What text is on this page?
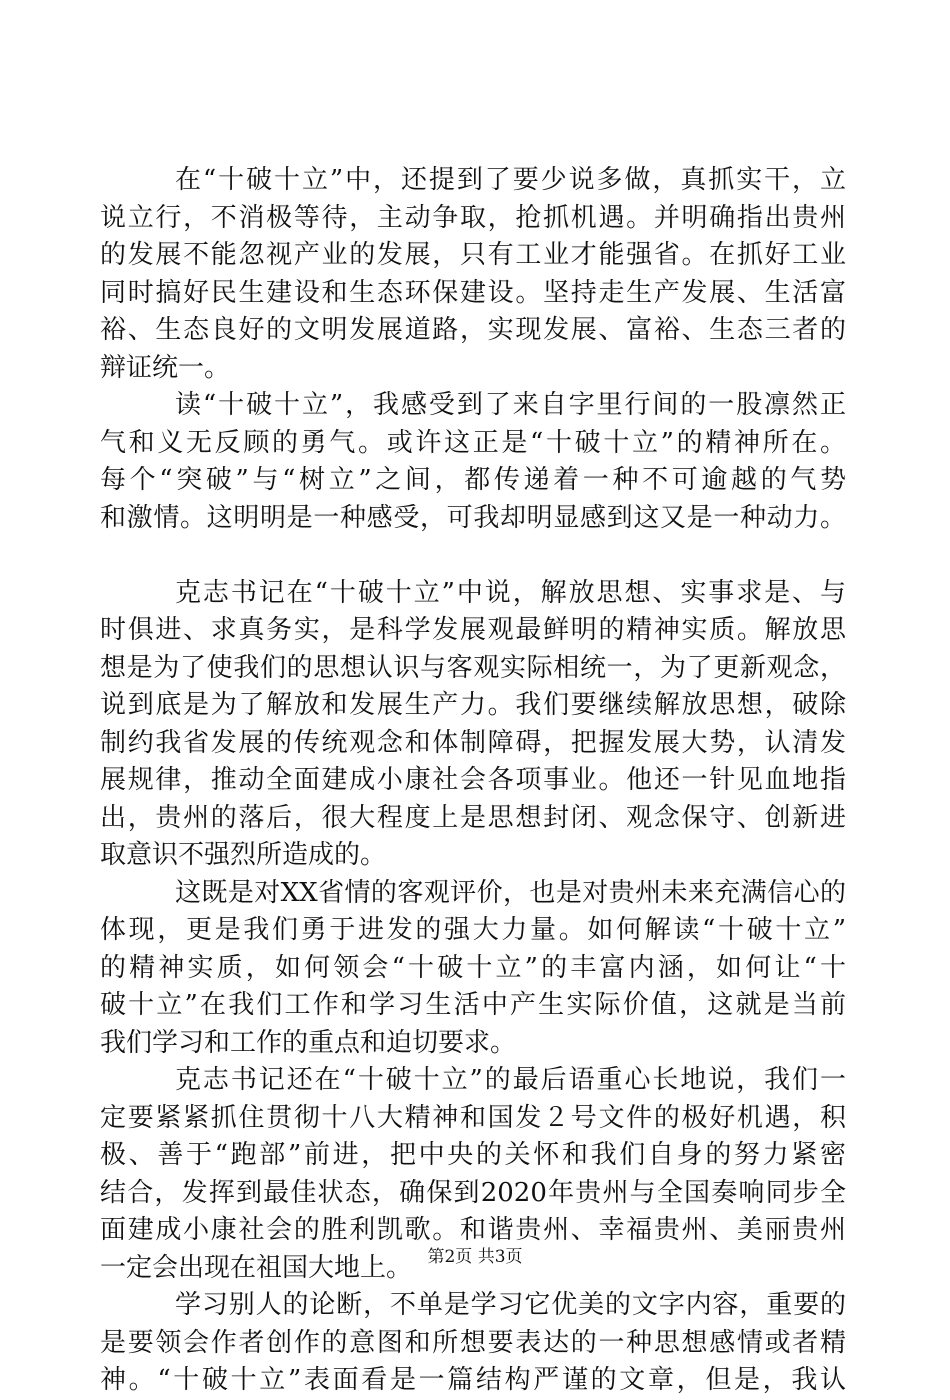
在“十破十立”中，还提到了要少说多做，真抓实干，立
说立行，不消极等待，主动争取，抢抓机遇。并明确指出贵州
的发展不能忽视产业的发展，只有工业才能强省。在抓好工业
同时搞好民生建设和生态环保建设。坚持走生产发展、生活富
裕、生态良好的文明发展道路，实现发展、富裕、生态三者的
辩证统一。
读“十破十立”，我感受到了来自字里行间的一股凛然正
气和义无反顾的勇气。或许这正是“十破十立”的精神所在。
每个“突破”与“树立”之间，都传递着一种不可逾越的气势
和激情。这明明是一种感受，可我却明显感到这又是一种动力。
克志书记在“十破十立”中说，解放思想、实事求是、与
时俱进、求真务实，是科学发展观最鲜明的精神实质。解放思
想是为了使我们的思想认识与客观实际相统一，为了更新观念，
说到底是为了解放和发展生产力。我们要继续解放思想，破除
制约我省发展的传统观念和体制障碍，把握发展大势，认清发
展规律，推动全面建成小康社会各项事业。他还一针见血地指
出，贵州的落后，很大程度上是思想封闭、观念保守、创新进
取意识不强烈所造成的。
这既是对XX省情的客观评价，也是对贵州未来充满信心的
体现，更是我们勇于进发的强大力量。如何解读“十破十立”
的精神实质，如何领会“十破十立”的丰富内涵，如何让“十
破十立”在我们工作和学习生活中产生实际价值，这就是当前
我们学习和工作的重点和迫切要求。
克志书记还在“十破十立”的最后语重心长地说，我们一
定要紧紧抓住贯彻十八大精神和国发２号文件的极好机遇，积
极、善于“跑部”前进，把中央的关怀和我们自身的努力紧密
结合，发挥到最佳状态，确保到2020年贵州与全国奏响同步全
面建成小康社会的胜利凯歌。和谐贵州、幸福贵州、美丽贵州
一定会出现在祖国大地上。
学习别人的论断，不单是学习它优美的文字内容，重要的
是要领会作者创作的意图和所想要表达的一种思想感情或者精
神。“十破十立”表面看是一篇结构严谨的文章，但是，我认
第2页 共3页
